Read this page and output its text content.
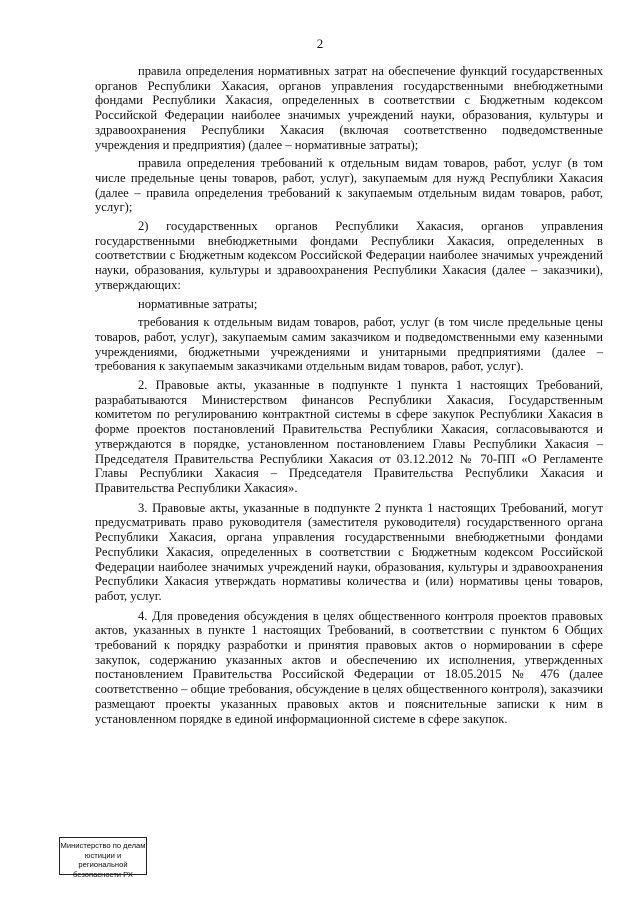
2

правила определения нормативных затрат на обеспечение функций государственных органов Республики Хакасия, органов управления государственными внебюджетными фондами Республики Хакасия, определенных в соответствии с Бюджетным кодексом Российской Федерации наиболее значимых учреждений науки, образования, культуры и здравоохранения Республики Хакасия (включая соответственно подведомственные учреждения и предприятия) (далее – нормативные затраты);

правила определения требований к отдельным видам товаров, работ, услуг (в том числе предельные цены товаров, работ, услуг), закупаемым для нужд Республики Хакасия (далее – правила определения требований к закупаемым отдельным видам товаров, работ, услуг);

2) государственных органов Республики Хакасия, органов управления государственными внебюджетными фондами Республики Хакасия, определенных в соответствии с Бюджетным кодексом Российской Федерации наиболее значимых учреждений науки, образования, культуры и здравоохранения Республики Хакасия (далее – заказчики), утверждающих:

нормативные затраты;

требования к отдельным видам товаров, работ, услуг (в том числе предельные цены товаров, работ, услуг), закупаемым самим заказчиком и подведомственными ему казенными учреждениями, бюджетными учреждениями и унитарными предприятиями (далее – требования к закупаемым заказчиками отдельным видам товаров, работ, услуг).

2. Правовые акты, указанные в подпункте 1 пункта 1 настоящих Требований, разрабатываются Министерством финансов Республики Хакасия, Государственным комитетом по регулированию контрактной системы в сфере закупок Республики Хакасия в форме проектов постановлений Правительства Республики Хакасия, согласовываются и утверждаются в порядке, установленном постановлением Главы Республики Хакасия – Председателя Правительства Республики Хакасия от 03.12.2012 № 70-ПП «О Регламенте Главы Республики Хакасия – Председателя Правительства Республики Хакасия и Правительства Республики Хакасия».

3. Правовые акты, указанные в подпункте 2 пункта 1 настоящих Требований, могут предусматривать право руководителя (заместителя руководителя) государственного органа Республики Хакасия, органа управления государственными внебюджетными фондами Республики Хакасия, определенных в соответствии с Бюджетным кодексом Российской Федерации наиболее значимых учреждений науки, образования, культуры и здравоохранения Республики Хакасия утверждать нормативы количества и (или) нормативы цены товаров, работ, услуг.

4. Для проведения обсуждения в целях общественного контроля проектов правовых актов, указанных в пункте 1 настоящих Требований, в соответствии с пунктом 6 Общих требований к порядку разработки и принятия правовых актов о нормировании в сфере закупок, содержанию указанных актов и обеспечению их исполнения, утвержденных постановлением Правительства Российской Федерации от 18.05.2015 № 476 (далее соответственно – общие требования, обсуждение в целях общественного контроля), заказчики размещают проекты указанных правовых актов и пояснительные записки к ним в установленном порядке в единой информационной системе в сфере закупок.

Министерство по делам
юстиции и региональной
безопасности РХ
